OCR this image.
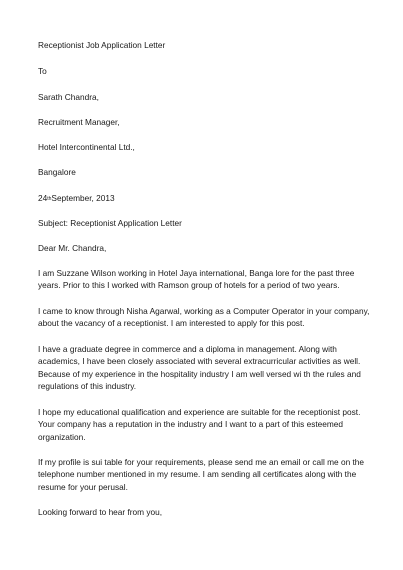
Receptionist Job Application Letter
To
Sarath Chandra,
Recruitment Manager,
Hotel Intercontinental Ltd.,
Bangalore
24thSeptember, 2013
Subject: Receptionist Application Letter
Dear Mr. Chandra,
I am Suzzane Wilson working in Hotel Jaya international, Banga lore for the past three
years. Prior to this I worked with Ramson group of hotels for a period of two years.
I came to know through Nisha Agarwal, working as a Computer Operator in your company,
about the vacancy of a receptionist. I am interested to apply for this post.
I have a graduate degree in commerce and a diploma in management. Along with
academics, I have been closely associated with several extracurricular activities as well.
Because of my experience in the hospitality industry I am well versed wi th the rules and
regulations of this industry.
I hope my educational qualification and experience are suitable for the receptionist post.
Your company has a reputation in the industry and I want to a part of this esteemed
organization.
If my profile is sui table for your requirements, please send me an email or call me on the
telephone number mentioned in my resume. I am sending all certificates along with the
resume for your perusal.
Looking forward to hear from you,
